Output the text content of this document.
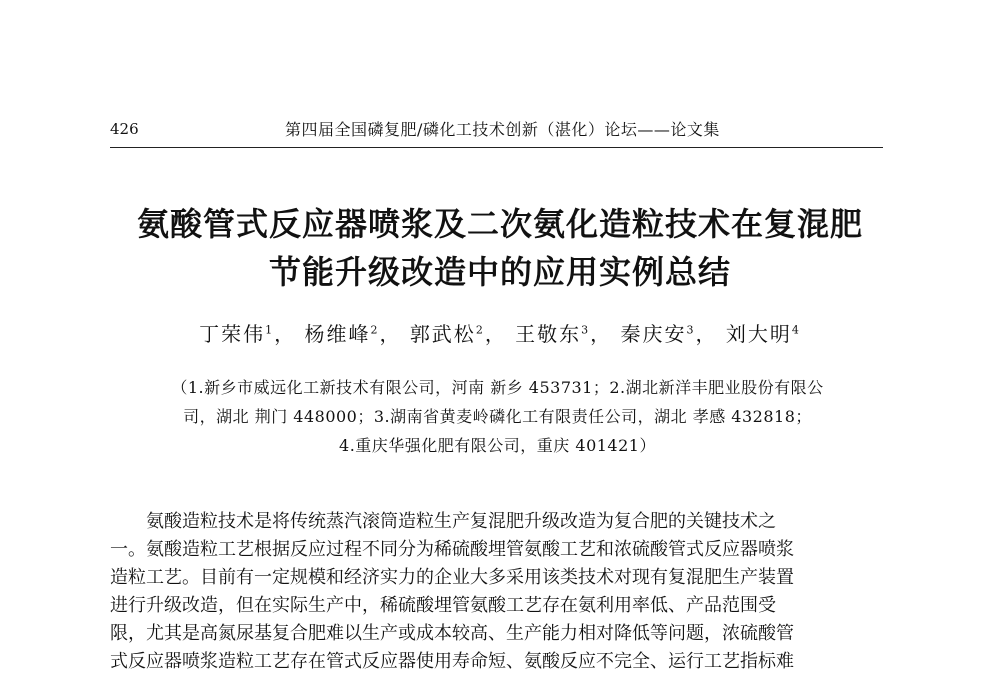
426	第四届全国磷复肥/磷化工技术创新（湛化）论坛——论文集
氨酸管式反应器喷浆及二次氨化造粒技术在复混肥
节能升级改造中的应用实例总结
丁荣伟$^1$， 杨维峰$^2$， 郭武松$^2$， 王敬东$^3$， 秦庆安$^3$， 刘大明$^4$
（1.新乡市威远化工新技术有限公司，河南 新乡 453731；2.湖北新洋丰肥业股份有限公
司，湖北 荆门 448000；3.湖南省黄麦岭磷化工有限责任公司，湖北 孝感 432818；
4.重庆华强化肥有限公司，重庆 401421）
氨酸造粒技术是将传统蒸汽滚筒造粒生产复混肥升级改造为复合肥的关键技术之
一。氨酸造粒工艺根据反应过程不同分为稀硫酸埋管氨酸工艺和浓硫酸管式反应器喷浆
造粒工艺。目前有一定规模和经济实力的企业大多采用该类技术对现有复混肥生产装置
进行升级改造，但在实际生产中，稀硫酸埋管氨酸工艺存在氨利用率低、产品范围受
限，尤其是高氮尿基复合肥难以生产或成本较高、生产能力相对降低等问题，浓硫酸管
式反应器喷浆造粒工艺存在管式反应器使用寿命短、氨酸反应不完全、运行工艺指标难
